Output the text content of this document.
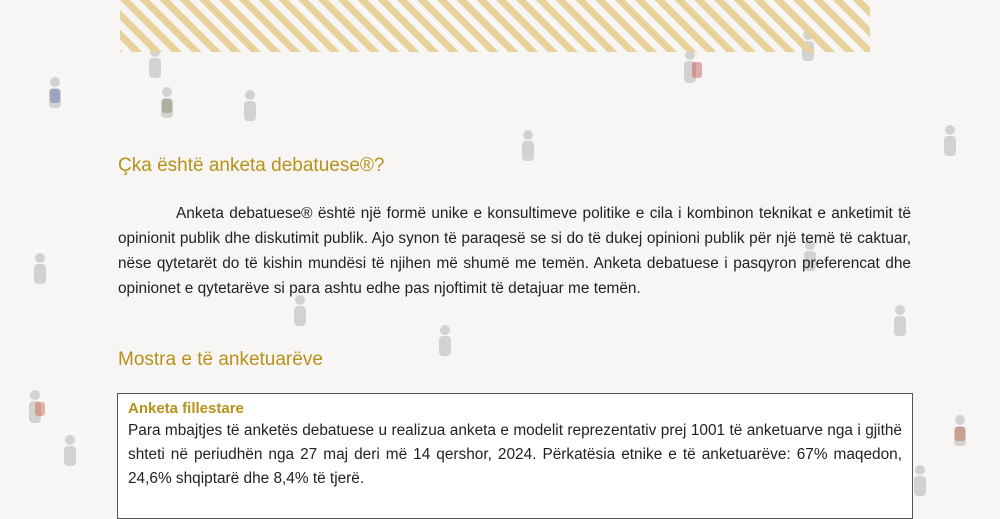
Çka është anketa debatuese®?

Anketa debatuese® është një formë unike e konsultimeve politike e cila i kombinon teknikat e anketimit të opinionit publik dhe diskutimit publik. Ajo synon të paraqesë se si do të dukej opinioni publik për një temë të caktuar, nëse qytetarët do të kishin mundësi të njihen më shumë me temën. Anketa debatuese i pasqyron preferencat dhe opinionet e qytetarëve si para ashtu edhe pas njoftimit të detajuar me temën.

Mostra e të anketuarëve
Anketa fillestare

Para mbajtjes të anketës debatuese u realizua anketa e modelit reprezentativ prej 1001 të anketuarve nga i gjithë shteti në periudhën nga 27 maj deri më 14 qershor, 2024. Përkatësia etnike e të anketuarëve: 67% maqedon, 24,6% shqiptarë dhe 8,4% të tjerë.
